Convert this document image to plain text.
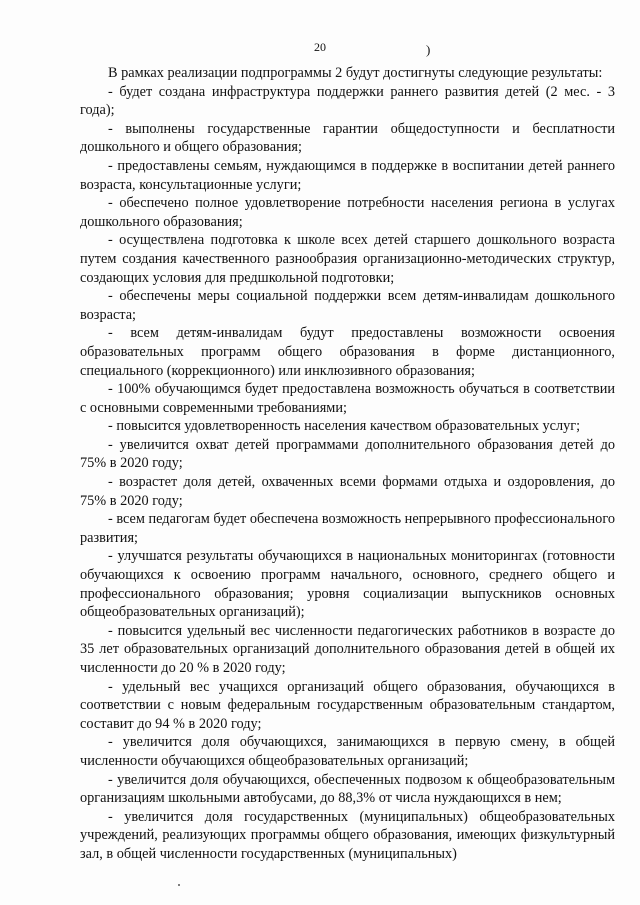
20	)

В рамках реализации подпрограммы 2 будут достигнуты следующие результаты:

- будет создана инфраструктура поддержки раннего развития детей (2 мес. - 3 года);

- выполнены государственные гарантии общедоступности и бесплатности дошкольного и общего образования;

- предоставлены семьям, нуждающимся в поддержке в воспитании детей раннего возраста, консультационные услуги;

- обеспечено полное удовлетворение потребности населения региона в услугах дошкольного образования;

- осуществлена подготовка к школе всех детей старшего дошкольного возраста путем создания качественного разнообразия организационно-методических структур, создающих условия для предшкольной подготовки;

- обеспечены меры социальной поддержки всем детям-инвалидам дошкольного возраста;

- всем детям-инвалидам будут предоставлены возможности освоения образовательных программ общего образования в форме дистанционного, специального (коррекционного) или инклюзивного образования;

- 100% обучающимся будет предоставлена возможность обучаться в соответствии с основными современными требованиями;

- повысится удовлетворенность населения качеством образовательных услуг;

- увеличится охват детей программами дополнительного образования детей до 75% в 2020 году;

- возрастет доля детей, охваченных всеми формами отдыха и оздоровления, до 75% в 2020 году;

- всем педагогам будет обеспечена возможность непрерывного профессионального развития;

- улучшатся результаты обучающихся в национальных мониторингах (готовности обучающихся к освоению программ начального, основного, среднего общего и профессионального образования; уровня социализации выпускников основных общеобразовательных организаций);

- повысится удельный вес численности педагогических работников в возрасте до 35 лет образовательных организаций дополнительного образования детей в общей их численности до 20 % в 2020 году;

- удельный вес учащихся организаций общего образования, обучающихся в соответствии с новым федеральным государственным образовательным стандартом, составит до 94 % в 2020 году;

- увеличится доля обучающихся, занимающихся в первую смену, в общей численности обучающихся общеобразовательных организаций;

- увеличится доля обучающихся, обеспеченных подвозом к общеобразовательным организациям школьными автобусами, до 88,3% от числа нуждающихся в нем;

- увеличится доля государственных (муниципальных) общеобразовательных учреждений, реализующих программы общего образования, имеющих физкультурный зал, в общей численности государственных (муниципальных)
